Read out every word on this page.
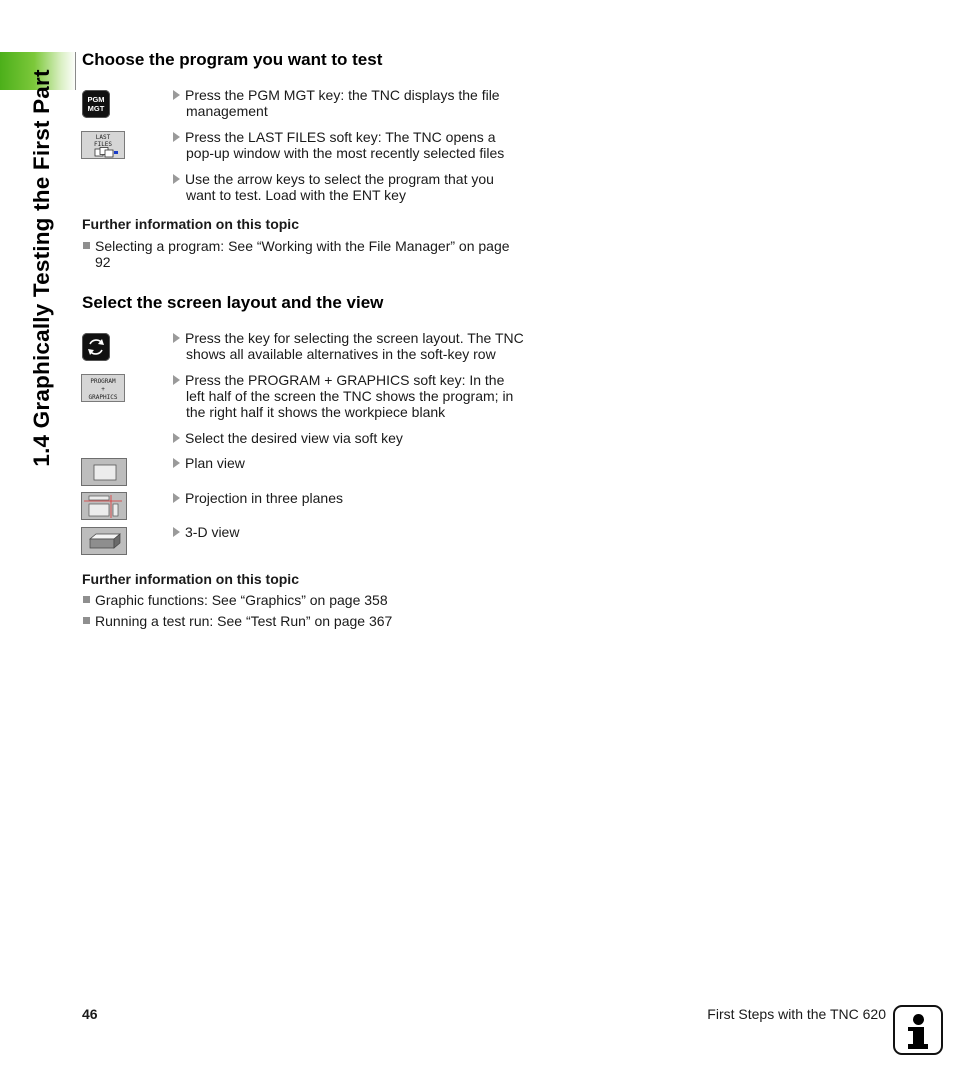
1.4 Graphically Testing the First Part
Choose the program you want to test
PGM
MGT
LAST
FILES
Press the PGM MGT key: the TNC displays the file
management
Press the LAST FILES soft key: The TNC opens a
pop-up window with the most recently selected files
Use the arrow keys to select the program that you
want to test. Load with the ENT key
Further information on this topic
Selecting a program: See “Working with the File Manager” on page
92
Select the screen layout and the view
PROGRAM
+
GRAPHICS
Press the key for selecting the screen layout. The TNC
shows all available alternatives in the soft-key row
Press the PROGRAM + GRAPHICS soft key: In the
left half of the screen the TNC shows the program; in
the right half it shows the workpiece blank
Select the desired view via soft key
Plan view
Projection in three planes
3-D view
Further information on this topic
Graphic functions: See “Graphics” on page 358
Running a test run: See “Test Run” on page 367
46	First Steps with the TNC 620
